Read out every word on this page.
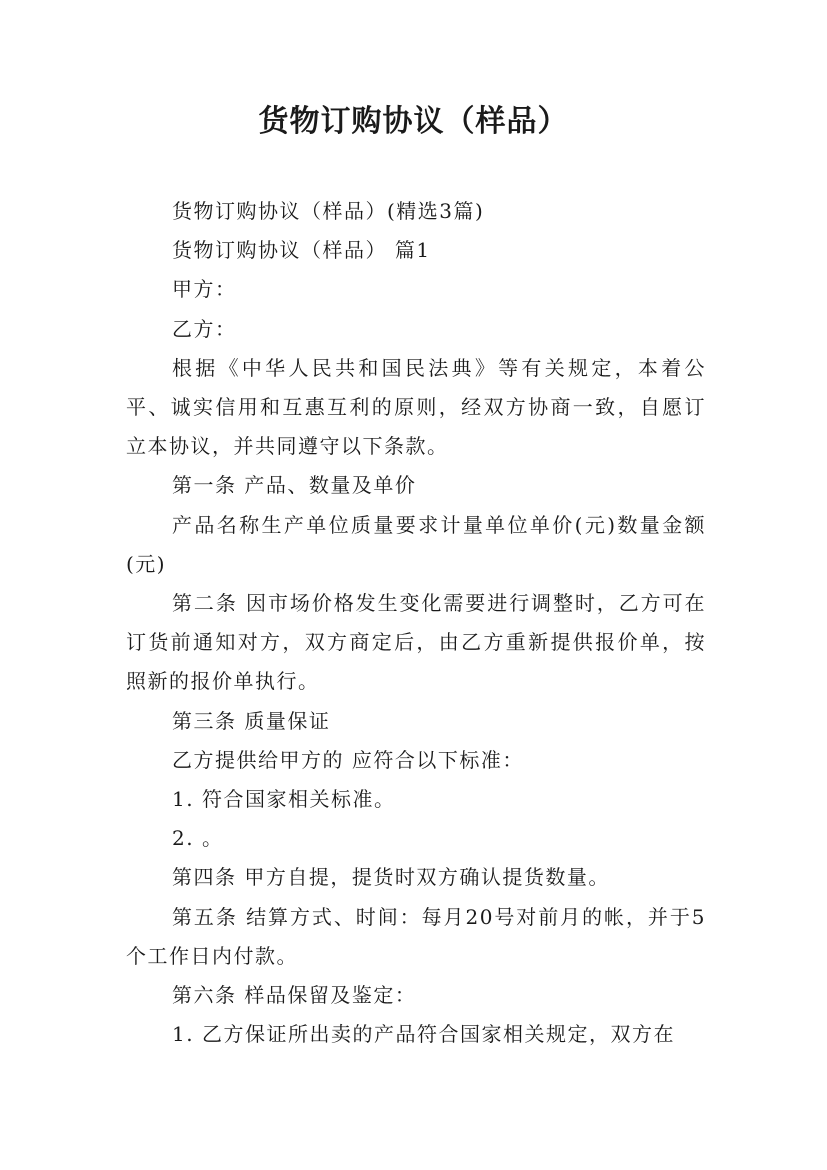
货物订购协议（样品）

货物订购协议（样品）(精选3篇)

货物订购协议（样品） 篇1

甲方：

乙方：

根据《中华人民共和国民法典》等有关规定，本着公平、诚实信用和互惠互利的原则，经双方协商一致，自愿订立本协议，并共同遵守以下条款。

第一条 产品、数量及单价

产品名称生产单位质量要求计量单位单价(元)数量金额(元)

第二条 因市场价格发生变化需要进行调整时，乙方可在订货前通知对方，双方商定后，由乙方重新提供报价单，按照新的报价单执行。

第三条 质量保证

乙方提供给甲方的 应符合以下标准：

1. 符合国家相关标准。

2. 。

第四条 甲方自提，提货时双方确认提货数量。

第五条 结算方式、时间：每月20号对前月的帐，并于5个工作日内付款。

第六条 样品保留及鉴定：

1. 乙方保证所出卖的产品符合国家相关规定，双方在
